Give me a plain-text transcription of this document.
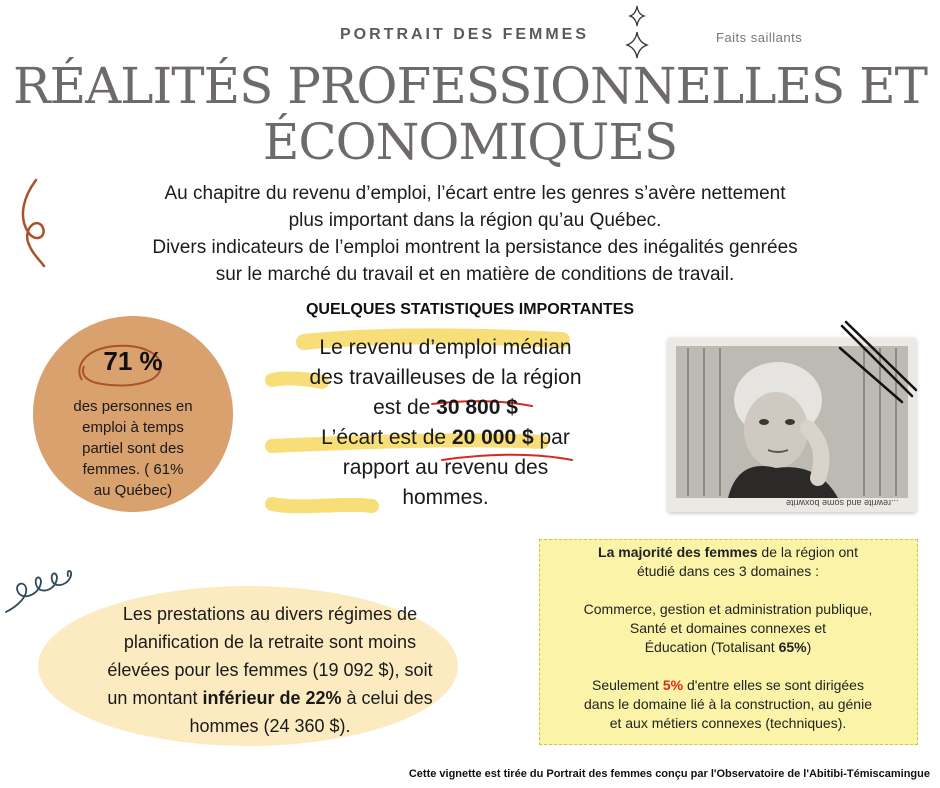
PORTRAIT DES FEMMES	Faits saillants
RÉALITÉS PROFESSIONNELLES ET
ÉCONOMIQUES
Au chapitre du revenu d’emploi, l’écart entre les genres s’avère nettement
plus important dans la région qu’au Québec.
Divers indicateurs de l’emploi montrent la persistance des inégalités genrées
sur le marché du travail et en matière de conditions de travail.
QUELQUES STATISTIQUES IMPORTANTES
71 %
des personnes en
emploi à temps
partiel sont des
femmes. ( 61%
au Québec)
Le revenu d’emploi médian
des travailleuses de la région
est de 30 800 $
L’écart est de 20 000 $ par
rapport au revenu des
hommes.	...rewrite and some boxwrite
La majorité des femmes de la région ont
étudié dans ces 3 domaines :
Commerce, gestion et administration publique,
Santé et domaines connexes et
Éducation (Totalisant 65%)
Seulement 5% d'entre elles se sont dirigées
dans le domaine lié à la construction, au génie
et aux métiers connexes (techniques).
Les prestations au divers régimes de
planification de la retraite sont moins
élevées pour les femmes (19 092 $), soit
un montant inférieur de 22% à celui des
hommes (24 360 $).
Cette vignette est tirée du Portrait des femmes conçu par l'Observatoire de l'Abitibi-Témiscamingue
